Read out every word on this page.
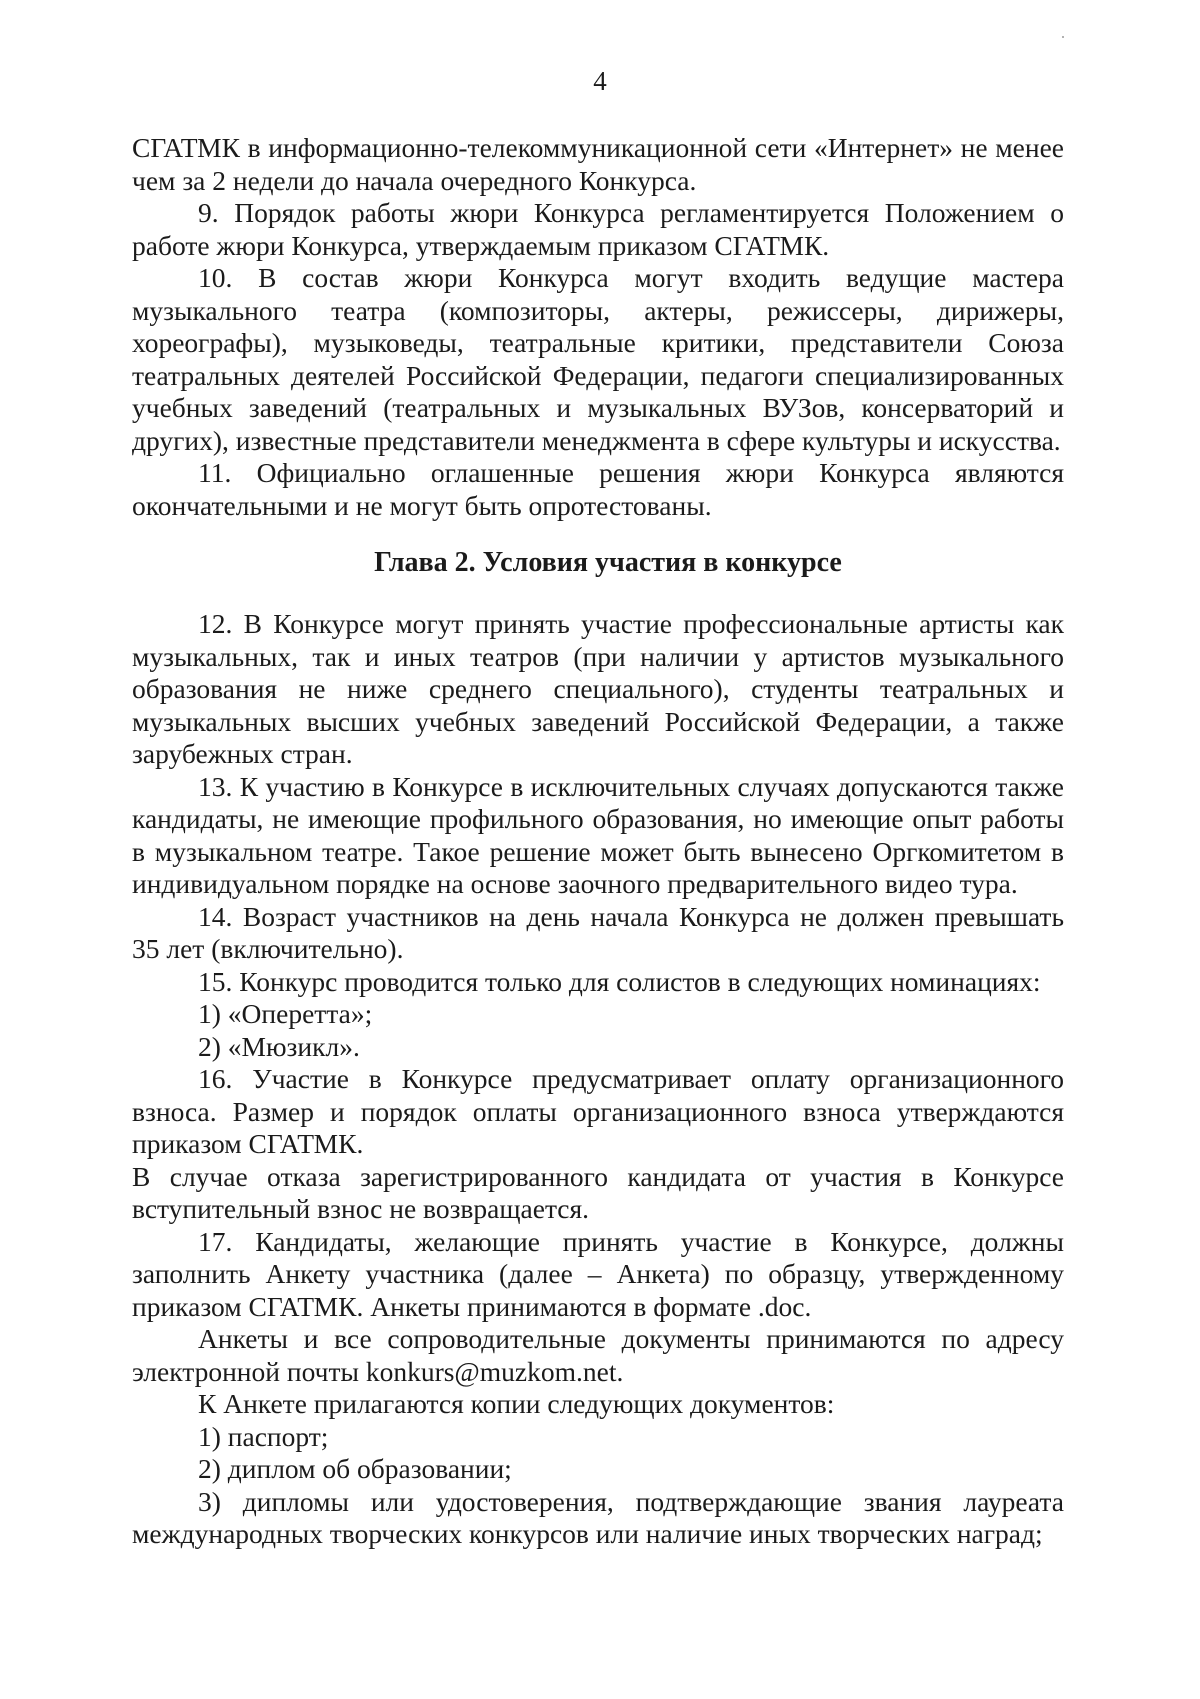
4

СГАТМК в информационно-телекоммуникационной сети «Интернет» не менее чем за 2 недели до начала очередного Конкурса.

9. Порядок работы жюри Конкурса регламентируется Положением о работе жюри Конкурса, утверждаемым приказом СГАТМК.

10. В состав жюри Конкурса могут входить ведущие мастера музыкального театра (композиторы, актеры, режиссеры, дирижеры, хореографы), музыковеды, театральные критики, представители Союза театральных деятелей Российской Федерации, педагоги специализированных учебных заведений (театральных и музыкальных ВУЗов, консерваторий и других), известные представители менеджмента в сфере культуры и искусства.

11. Официально оглашенные решения жюри Конкурса являются окончательными и не могут быть опротестованы.

Глава 2. Условия участия в конкурсе

12. В Конкурсе могут принять участие профессиональные артисты как музыкальных, так и иных театров (при наличии у артистов музыкального образования не ниже среднего специального), студенты театральных и музыкальных высших учебных заведений Российской Федерации, а также зарубежных стран.

13. К участию в Конкурсе в исключительных случаях допускаются также кандидаты, не имеющие профильного образования, но имеющие опыт работы в музыкальном театре. Такое решение может быть вынесено Оргкомитетом в индивидуальном порядке на основе заочного предварительного видео тура.

14. Возраст участников на день начала Конкурса не должен превышать 35 лет (включительно).

15. Конкурс проводится только для солистов в следующих номинациях:

1) «Оперетта»;

2) «Мюзикл».

16. Участие в Конкурсе предусматривает оплату организационного взноса. Размер и порядок оплаты организационного взноса утверждаются приказом СГАТМК.

В случае отказа зарегистрированного кандидата от участия в Конкурсе вступительный взнос не возвращается.

17. Кандидаты, желающие принять участие в Конкурсе, должны заполнить Анкету участника (далее – Анкета) по образцу, утвержденному приказом СГАТМК. Анкеты принимаются в формате .doc.

Анкеты и все сопроводительные документы принимаются по адресу электронной почты konkurs@muzkom.net.

К Анкете прилагаются копии следующих документов:

1) паспорт;

2) диплом об образовании;

3) дипломы или удостоверения, подтверждающие звания лауреата международных творческих конкурсов или наличие иных творческих наград;
